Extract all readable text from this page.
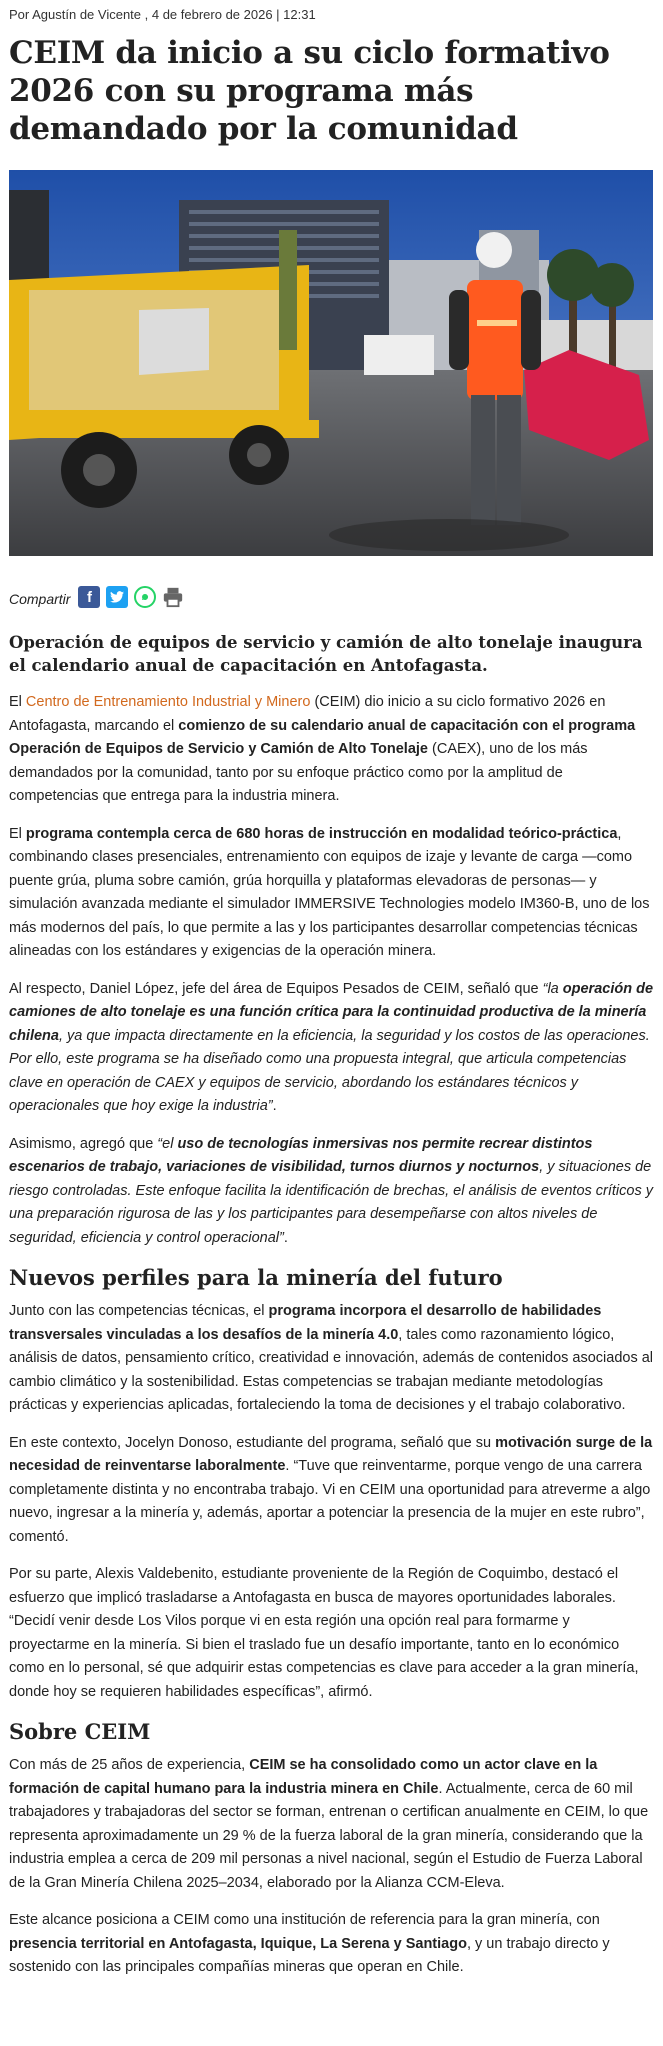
Por Agustín de Vicente , 4 de febrero de 2026 | 12:31
CEIM da inicio a su ciclo formativo 2026 con su programa más demandado por la comunidad
Compartir	f
Operación de equipos de servicio y camión de alto tonelaje inaugura el calendario anual de capacitación en Antofagasta.

El Centro de Entrenamiento Industrial y Minero (CEIM) dio inicio a su ciclo formativo 2026 en Antofagasta, marcando el comienzo de su calendario anual de capacitación con el programa Operación de Equipos de Servicio y Camión de Alto Tonelaje (CAEX), uno de los más demandados por la comunidad, tanto por su enfoque práctico como por la amplitud de competencias que entrega para la industria minera.

El programa contempla cerca de 680 horas de instrucción en modalidad teórico-práctica, combinando clases presenciales, entrenamiento con equipos de izaje y levante de carga —como puente grúa, pluma sobre camión, grúa horquilla y plataformas elevadoras de personas— y simulación avanzada mediante el simulador IMMERSIVE Technologies modelo IM360-B, uno de los más modernos del país, lo que permite a las y los participantes desarrollar competencias técnicas alineadas con los estándares y exigencias de la operación minera.

Al respecto, Daniel López, jefe del área de Equipos Pesados de CEIM, señaló que “la operación de camiones de alto tonelaje es una función crítica para la continuidad productiva de la minería chilena, ya que impacta directamente en la eficiencia, la seguridad y los costos de las operaciones. Por ello, este programa se ha diseñado como una propuesta integral, que articula competencias clave en operación de CAEX y equipos de servicio, abordando los estándares técnicos y operacionales que hoy exige la industria”.

Asimismo, agregó que “el uso de tecnologías inmersivas nos permite recrear distintos escenarios de trabajo, variaciones de visibilidad, turnos diurnos y nocturnos, y situaciones de riesgo controladas. Este enfoque facilita la identificación de brechas, el análisis de eventos críticos y una preparación rigurosa de las y los participantes para desempeñarse con altos niveles de seguridad, eficiencia y control operacional”.

Nuevos perfiles para la minería del futuro

Junto con las competencias técnicas, el programa incorpora el desarrollo de habilidades transversales vinculadas a los desafíos de la minería 4.0, tales como razonamiento lógico, análisis de datos, pensamiento crítico, creatividad e innovación, además de contenidos asociados al cambio climático y la sostenibilidad. Estas competencias se trabajan mediante metodologías prácticas y experiencias aplicadas, fortaleciendo la toma de decisiones y el trabajo colaborativo.

En este contexto, Jocelyn Donoso, estudiante del programa, señaló que su motivación surge de la necesidad de reinventarse laboralmente. “Tuve que reinventarme, porque vengo de una carrera completamente distinta y no encontraba trabajo. Vi en CEIM una oportunidad para atreverme a algo nuevo, ingresar a la minería y, además, aportar a potenciar la presencia de la mujer en este rubro”, comentó.

Por su parte, Alexis Valdebenito, estudiante proveniente de la Región de Coquimbo, destacó el esfuerzo que implicó trasladarse a Antofagasta en busca de mayores oportunidades laborales. “Decidí venir desde Los Vilos porque vi en esta región una opción real para formarme y proyectarme en la minería. Si bien el traslado fue un desafío importante, tanto en lo económico como en lo personal, sé que adquirir estas competencias es clave para acceder a la gran minería, donde hoy se requieren habilidades específicas”, afirmó.

Sobre CEIM

Con más de 25 años de experiencia, CEIM se ha consolidado como un actor clave en la formación de capital humano para la industria minera en Chile. Actualmente, cerca de 60 mil trabajadores y trabajadoras del sector se forman, entrenan o certifican anualmente en CEIM, lo que representa aproximadamente un 29 % de la fuerza laboral de la gran minería, considerando que la industria emplea a cerca de 209 mil personas a nivel nacional, según el Estudio de Fuerza Laboral de la Gran Minería Chilena 2025–2034, elaborado por la Alianza CCM-Eleva.

Este alcance posiciona a CEIM como una institución de referencia para la gran minería, con presencia territorial en Antofagasta, Iquique, La Serena y Santiago, y un trabajo directo y sostenido con las principales compañías mineras que operan en Chile.
